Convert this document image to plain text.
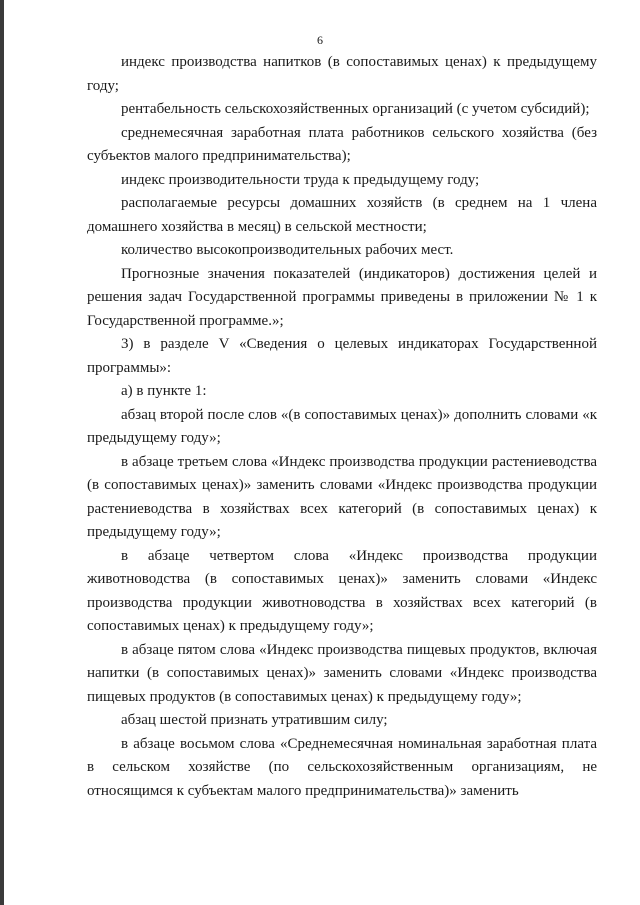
6

индекс производства напитков (в сопоставимых ценах) к предыдущему году;

рентабельность сельскохозяйственных организаций (с учетом субсидий);

среднемесячная заработная плата работников сельского хозяйства (без субъектов малого предпринимательства);

индекс производительности труда к предыдущему году;

располагаемые ресурсы домашних хозяйств (в среднем на 1 члена домашнего хозяйства в месяц) в сельской местности;

количество высокопроизводительных рабочих мест.

Прогнозные значения показателей (индикаторов) достижения целей и решения задач Государственной программы приведены в приложении № 1 к Государственной программе.»;

3) в разделе V «Сведения о целевых индикаторах Государственной программы»:

а) в пункте 1:

абзац второй после слов «(в сопоставимых ценах)» дополнить словами «к предыдущему году»;

в абзаце третьем слова «Индекс производства продукции растениеводства (в сопоставимых ценах)» заменить словами «Индекс производства продукции растениеводства в хозяйствах всех категорий (в сопоставимых ценах) к предыдущему году»;

в абзаце четвертом слова «Индекс производства продукции животноводства (в сопоставимых ценах)» заменить словами «Индекс производства продукции животноводства в хозяйствах всех категорий (в сопоставимых ценах) к предыдущему году»;

в абзаце пятом слова «Индекс производства пищевых продуктов, включая напитки (в сопоставимых ценах)» заменить словами «Индекс производства пищевых продуктов (в сопоставимых ценах) к предыдущему году»;

абзац шестой признать утратившим силу;

в абзаце восьмом слова «Среднемесячная номинальная заработная плата в сельском хозяйстве (по сельскохозяйственным организациям, не относящимся к субъектам малого предпринимательства)» заменить
